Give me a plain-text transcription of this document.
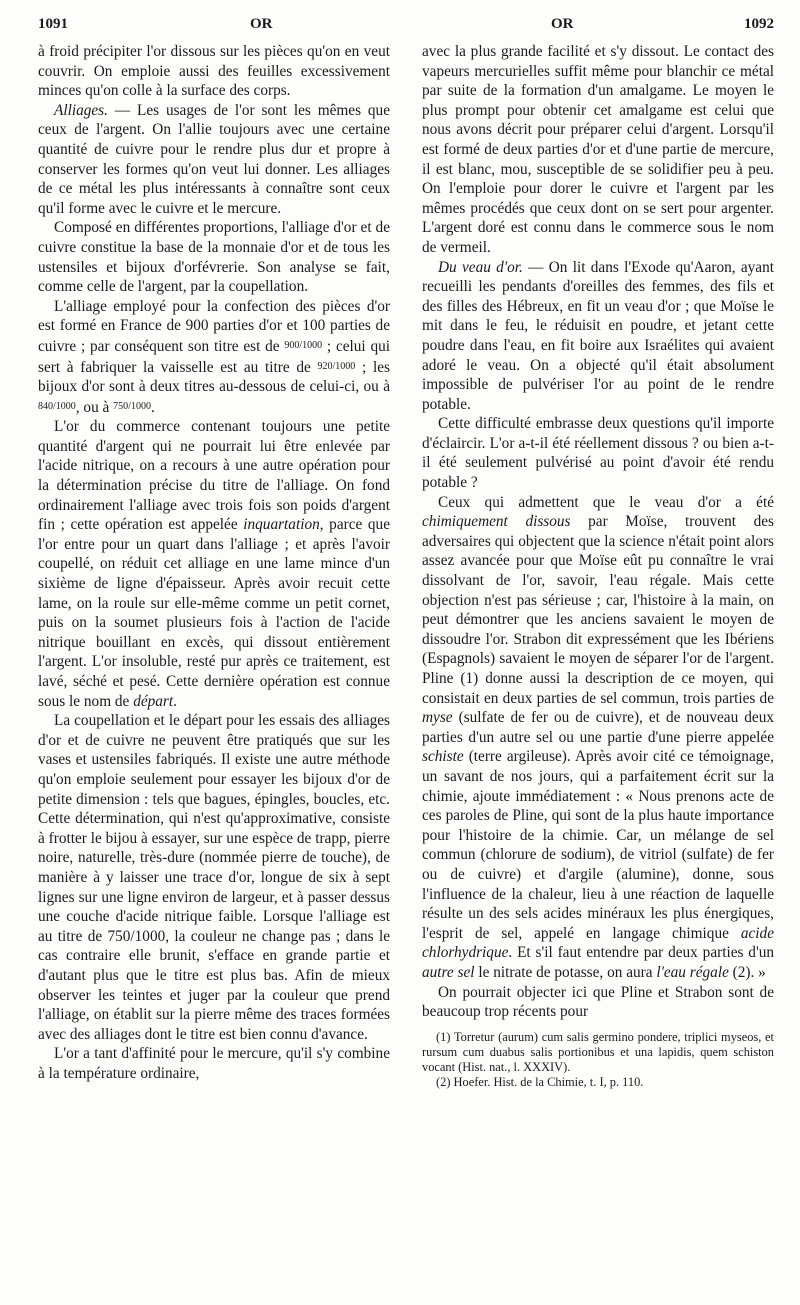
1091	OR	OR	1092

à froid précipiter l'or dissous sur les pièces qu'on en veut couvrir. On emploie aussi des feuilles excessivement minces qu'on colle à la surface des corps.

Alliages. — Les usages de l'or sont les mêmes que ceux de l'argent. On l'allie toujours avec une certaine quantité de cuivre pour le rendre plus dur et propre à conserver les formes qu'on veut lui donner. Les alliages de ce métal les plus intéressants à connaître sont ceux qu'il forme avec le cuivre et le mercure.

Composé en différentes proportions, l'alliage d'or et de cuivre constitue la base de la monnaie d'or et de tous les ustensiles et bijoux d'orfévrerie. Son analyse se fait, comme celle de l'argent, par la coupellation.

L'alliage employé pour la confection des pièces d'or est formé en France de 900 parties d'or et 100 parties de cuivre ; par conséquent son titre est de 900/1000 ; celui qui sert à fabriquer la vaisselle est au titre de 920/1000 ; les bijoux d'or sont à deux titres au-dessous de celui-ci, ou à 840/1000, ou à 750/1000.

L'or du commerce contenant toujours une petite quantité d'argent qui ne pourrait lui être enlevée par l'acide nitrique, on a recours à une autre opération pour la détermination précise du titre de l'alliage. On fond ordinairement l'alliage avec trois fois son poids d'argent fin ; cette opération est appelée inquartation, parce que l'or entre pour un quart dans l'alliage ; et après l'avoir coupellé, on réduit cet alliage en une lame mince d'un sixième de ligne d'épaisseur. Après avoir recuit cette lame, on la roule sur elle-même comme un petit cornet, puis on la soumet plusieurs fois à l'action de l'acide nitrique bouillant en excès, qui dissout entièrement l'argent. L'or insoluble, resté pur après ce traitement, est lavé, séché et pesé. Cette dernière opération est connue sous le nom de départ.

La coupellation et le départ pour les essais des alliages d'or et de cuivre ne peuvent être pratiqués que sur les vases et ustensiles fabriqués. Il existe une autre méthode qu'on emploie seulement pour essayer les bijoux d'or de petite dimension : tels que bagues, épingles, boucles, etc. Cette détermination, qui n'est qu'approximative, consiste à frotter le bijou à essayer, sur une espèce de trapp, pierre noire, naturelle, très-dure (nommée pierre de touche), de manière à y laisser une trace d'or, longue de six à sept lignes sur une ligne environ de largeur, et à passer dessus une couche d'acide nitrique faible. Lorsque l'alliage est au titre de 750/1000, la couleur ne change pas ; dans le cas contraire elle brunit, s'efface en grande partie et d'autant plus que le titre est plus bas. Afin de mieux observer les teintes et juger par la couleur que prend l'alliage, on établit sur la pierre même des traces formées avec des alliages dont le titre est bien connu d'avance.

L'or a tant d'affinité pour le mercure, qu'il s'y combine à la température ordinaire,

avec la plus grande facilité et s'y dissout. Le contact des vapeurs mercurielles suffit même pour blanchir ce métal par suite de la formation d'un amalgame. Le moyen le plus prompt pour obtenir cet amalgame est celui que nous avons décrit pour préparer celui d'argent. Lorsqu'il est formé de deux parties d'or et d'une partie de mercure, il est blanc, mou, susceptible de se solidifier peu à peu. On l'emploie pour dorer le cuivre et l'argent par les mêmes procédés que ceux dont on se sert pour argenter. L'argent doré est connu dans le commerce sous le nom de vermeil.

Du veau d'or. — On lit dans l'Exode qu'Aaron, ayant recueilli les pendants d'oreilles des femmes, des fils et des filles des Hébreux, en fit un veau d'or ; que Moïse le mit dans le feu, le réduisit en poudre, et jetant cette poudre dans l'eau, en fit boire aux Israélites qui avaient adoré le veau. On a objecté qu'il était absolument impossible de pulvériser l'or au point de le rendre potable.

Cette difficulté embrasse deux questions qu'il importe d'éclaircir. L'or a-t-il été réellement dissous ? ou bien a-t-il été seulement pulvérisé au point d'avoir été rendu potable ?

Ceux qui admettent que le veau d'or a été chimiquement dissous par Moïse, trouvent des adversaires qui objectent que la science n'était point alors assez avancée pour que Moïse eût pu connaître le vrai dissolvant de l'or, savoir, l'eau régale. Mais cette objection n'est pas sérieuse ; car, l'histoire à la main, on peut démontrer que les anciens savaient le moyen de dissoudre l'or. Strabon dit expressément que les Ibériens (Espagnols) savaient le moyen de séparer l'or de l'argent. Pline (1) donne aussi la description de ce moyen, qui consistait en deux parties de sel commun, trois parties de myse (sulfate de fer ou de cuivre), et de nouveau deux parties d'un autre sel ou une partie d'une pierre appelée schiste (terre argileuse). Après avoir cité ce témoignage, un savant de nos jours, qui a parfaitement écrit sur la chimie, ajoute immédiatement : « Nous prenons acte de ces paroles de Pline, qui sont de la plus haute importance pour l'histoire de la chimie. Car, un mélange de sel commun (chlorure de sodium), de vitriol (sulfate) de fer ou de cuivre) et d'argile (alumine), donne, sous l'influence de la chaleur, lieu à une réaction de laquelle résulte un des sels acides minéraux les plus énergiques, l'esprit de sel, appelé en langage chimique acide chlorhydrique. Et s'il faut entendre par deux parties d'un autre sel le nitrate de potasse, on aura l'eau régale (2). »

On pourrait objecter ici que Pline et Strabon sont de beaucoup trop récents pour

(1) Torretur (aurum) cum salis germino pondere, triplici myseos, et rursum cum duabus salis portionibus et una lapidis, quem schiston vocant (Hist. nat., l. XXXIV).

(2) Hoefer. Hist. de la Chimie, t. I, p. 110.
